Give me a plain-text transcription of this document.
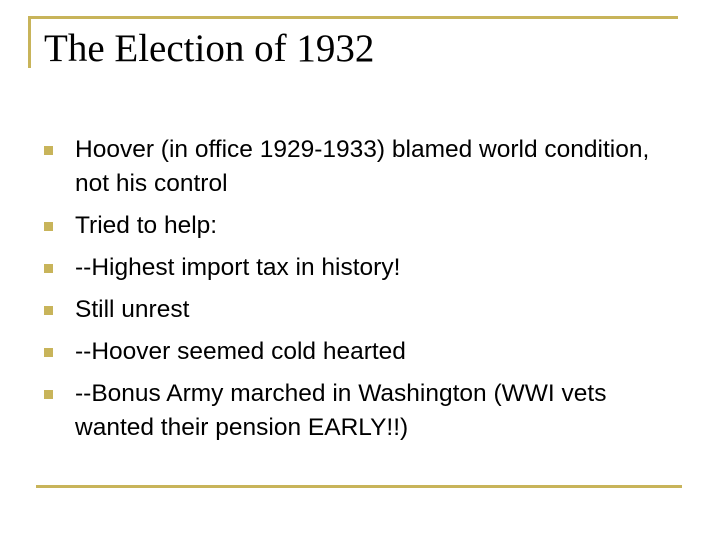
The Election of 1932
Hoover (in office 1929-1933) blamed world condition, not his control
Tried to help:
--Highest import tax in history!
Still unrest
--Hoover seemed cold hearted
--Bonus Army marched in Washington (WWI vets wanted their pension EARLY!!)
